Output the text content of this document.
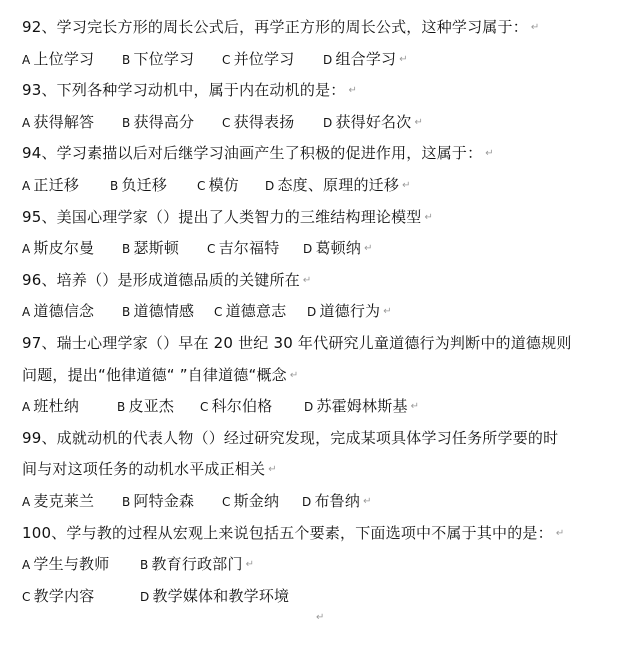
92、学习完长方形的周长公式后，再学正方形的周长公式，这种学习属于： ↵
A 上位学习 B 下位学习 C 并位学习 D 组合学习 ↵
93、下列各种学习动机中，属于内在动机的是： ↵
A 获得解答 B 获得高分 C 获得表扬 D 获得好名次 ↵
94、学习素描以后对后继学习油画产生了积极的促进作用，这属于： ↵
A 正迁移	B 负迁移 C 模仿 D 态度、原理的迁移 ↵
95、美国心理学家（）提出了人类智力的三维结构理论模型 ↵
A 斯皮尔曼 B 瑟斯顿 C 吉尔福特 D 葛顿纳 ↵
96、培养（）是形成道德品质的关键所在 ↵
A 道德信念 B 道德情感 C 道德意志 D 道德行为 ↵
97、瑞士心理学家（）早在 20 世纪 30 年代研究儿童道德行为判断中的道德规则
问题，提出“他律道德“ ”自律道德“概念 ↵
A 班杜纳	B 皮亚杰 C 科尔伯格	D 苏霍姆林斯基 ↵
99、成就动机的代表人物（）经过研究发现，完成某项具体学习任务所学要的时
间与对这项任务的动机水平成正相关 ↵
A 麦克莱兰 B 阿特金森 C 斯金纳 D 布鲁纳 ↵
100、学与教的过程从宏观上来说包括五个要素，下面选项中不属于其中的是： ↵
A 学生与教师	B 教育行政部门 ↵
C 教学内容	D 教学媒体和教学环境
↵
